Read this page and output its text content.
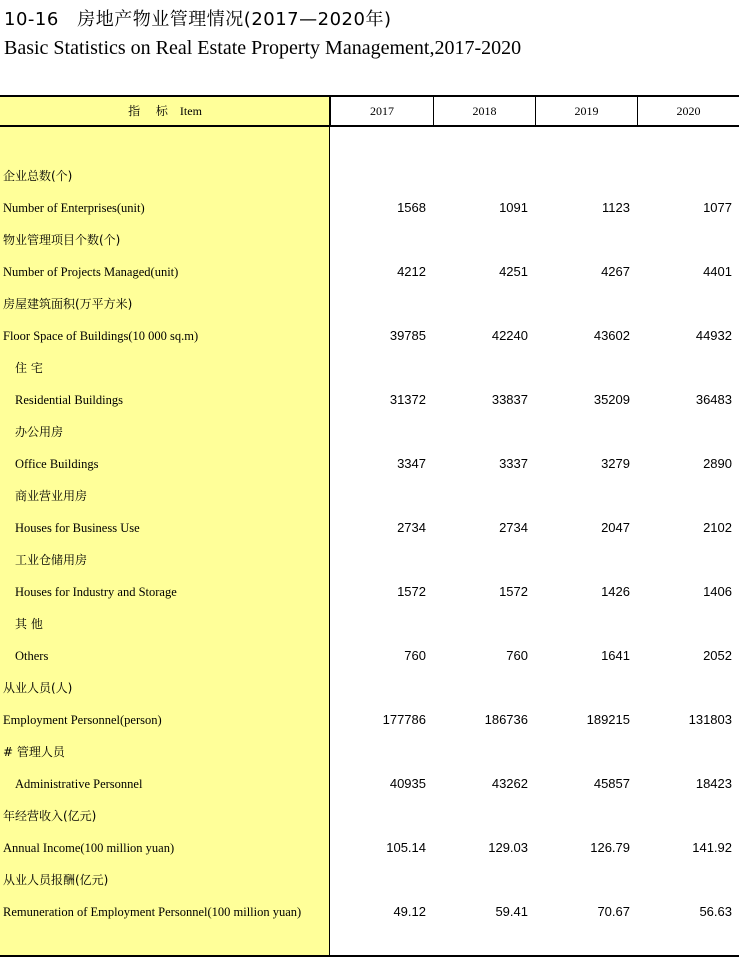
10-16　房地产物业管理情况(2017—2020年)
Basic Statistics on Real Estate Property Management,2017-2020
指 标 Item	2017	2018	2019	2020
企业总数(个)
Number of Enterprises(unit)	1568	1091	1123	1077
物业管理项目个数(个)
Number of Projects Managed(unit)	4212	4251	4267	4401
房屋建筑面积(万平方米)
Floor Space of Buildings(10 000 sq.m)	39785	42240	43602	44932
住 宅
Residential Buildings	31372	33837	35209	36483
办公用房
Office Buildings	3347	3337	3279	2890
商业营业用房
Houses for Business Use	2734	2734	2047	2102
工业仓储用房
Houses for Industry and Storage	1572	1572	1426	1406
其 他
Others	760	760	1641	2052
从业人员(人)
Employment Personnel(person)	177786	186736	189215	131803
# 管理人员
Administrative Personnel	40935	43262	45857	18423
年经营收入(亿元)
Annual Income(100 million yuan)	105.14	129.03	126.79	141.92
从业人员报酬(亿元)
Remuneration of Employment Personnel(100 million yuan)	49.12	59.41	70.67	56.63
